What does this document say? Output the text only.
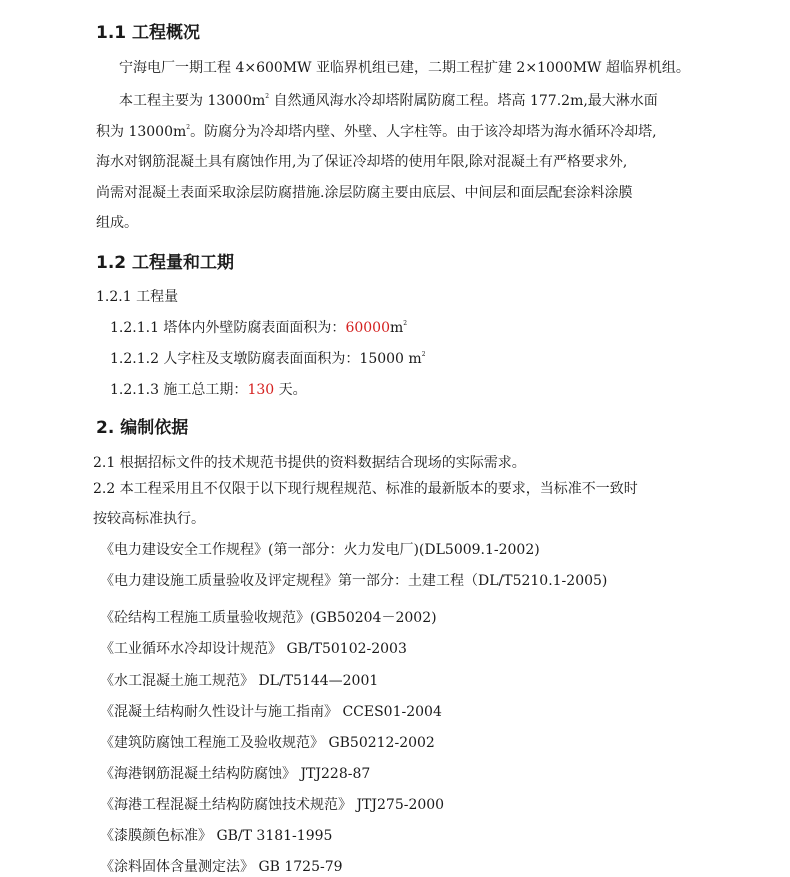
1.1 工程概况
宁海电厂一期工程 4×600MW 亚临界机组已建，二期工程扩建 2×1000MW 超临界机组。
本工程主要为 $13000m^2$ 自然通风海水冷却塔附属防腐工程。塔高 177.2m,最大淋水面
积为 $13000m^2$。防腐分为冷却塔内壁、外壁、人字柱等。由于该冷却塔为海水循环冷却塔,
海水对钢筋混凝土具有腐蚀作用,为了保证冷却塔的使用年限,除对混凝土有严格要求外,
尚需对混凝土表面采取涂层防腐措施.涂层防腐主要由底层、中间层和面层配套涂料涂膜
组成。
1.2 工程量和工期
1.2.1 工程量
1.2.1.1 塔体内外壁防腐表面面积为：$60000m^2$
1.2.1.2 人字柱及支墩防腐表面面积为：15000 $m^2$
1.2.1.3 施工总工期：130 天。
2. 编制依据
2.1 根据招标文件的技术规范书提供的资料数据结合现场的实际需求。
2.2 本工程采用且不仅限于以下现行规程规范、标准的最新版本的要求，当标准不一致时
按较高标准执行。
《电力建设安全工作规程》(第一部分：火力发电厂)(DL5009.1-2002)
《电力建设施工质量验收及评定规程》第一部分：土建工程（DL/T5210.1-2005)
《砼结构工程施工质量验收规范》(GB50204－2002)
《工业循环水冷却设计规范》 GB/T50102-2003
《水工混凝土施工规范》 DL/T5144—2001
《混凝土结构耐久性设计与施工指南》 CCES01-2004
《建筑防腐蚀工程施工及验收规范》 GB50212-2002
《海港钢筋混凝土结构防腐蚀》 JTJ228-87
《海港工程混凝土结构防腐蚀技术规范》 JTJ275-2000
《漆膜颜色标准》 GB/T 3181-1995
《涂料固体含量测定法》 GB 1725-79
